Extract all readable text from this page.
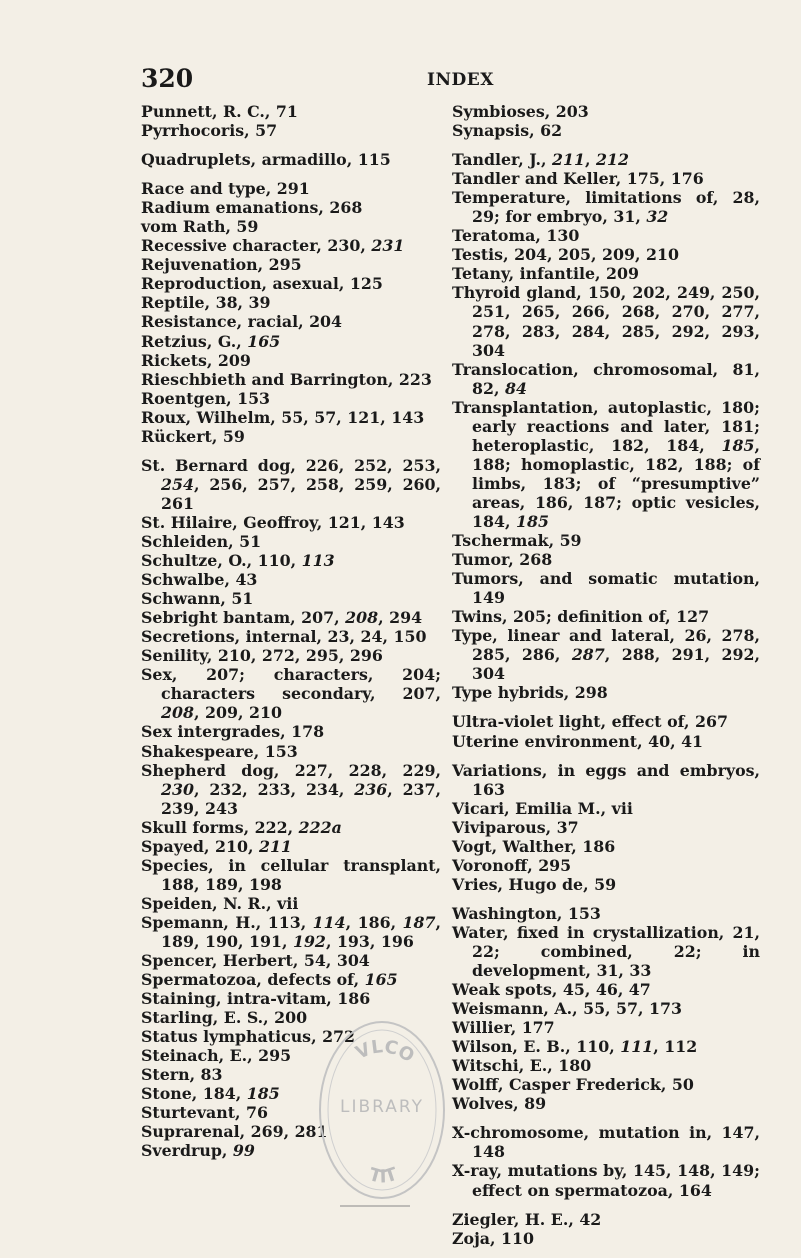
320	INDEX
Punnett, R. C., 71
Pyrrhocoris, 57
Quadruplets, armadillo, 115
Race and type, 291
Radium emanations, 268
vom Rath, 59
Recessive character, 230, 231
Rejuvenation, 295
Reproduction, asexual, 125
Reptile, 38, 39
Resistance, racial, 204
Retzius, G., 165
Rickets, 209
Rieschbieth and Barrington, 223
Roentgen, 153
Roux, Wilhelm, 55, 57, 121, 143
Rückert, 59
St. Bernard dog, 226, 252, 253, 254, 256, 257, 258, 259, 260, 261
St. Hilaire, Geoffroy, 121, 143
Schleiden, 51
Schultze, O., 110, 113
Schwalbe, 43
Schwann, 51
Sebright bantam, 207, 208, 294
Secretions, internal, 23, 24, 150
Senility, 210, 272, 295, 296
Sex, 207; characters, 204; characters secondary, 207, 208, 209, 210
Sex intergrades, 178
Shakespeare, 153
Shepherd dog, 227, 228, 229, 230, 232, 233, 234, 236, 237, 239, 243
Skull forms, 222, 222a
Spayed, 210, 211
Species, in cellular transplant, 188, 189, 198
Speiden, N. R., vii
Spemann, H., 113, 114, 186, 187, 189, 190, 191, 192, 193, 196
Spencer, Herbert, 54, 304
Spermatozoa, defects of, 165
Staining, intra-vitam, 186
Starling, E. S., 200
Status lymphaticus, 272
Steinach, E., 295
Stern, 83
Stone, 184, 185
Sturtevant, 76
Suprarenal, 269, 281
Sverdrup, 99
Symbioses, 203
Synapsis, 62
Tandler, J., 211, 212
Tandler and Keller, 175, 176
Temperature, limitations of, 28, 29; for embryo, 31, 32
Teratoma, 130
Testis, 204, 205, 209, 210
Tetany, infantile, 209
Thyroid gland, 150, 202, 249, 250, 251, 265, 266, 268, 270, 277, 278, 283, 284, 285, 292, 293, 304
Translocation, chromosomal, 81, 82, 84
Transplantation, autoplastic, 180; early reactions and later, 181; heteroplastic, 182, 184, 185, 188; homoplastic, 182, 188; of limbs, 183; of “presumptive” areas, 186, 187; optic vesicles, 184, 185
Tschermak, 59
Tumor, 268
Tumors, and somatic mutation, 149
Twins, 205; definition of, 127
Type, linear and lateral, 26, 278, 285, 286, 287, 288, 291, 292, 304
Type hybrids, 298
Ultra-violet light, effect of, 267
Uterine environment, 40, 41
Variations, in eggs and embryos, 163
Vicari, Emilia M., vii
Viviparous, 37
Vogt, Walther, 186
Voronoff, 295
Vries, Hugo de, 59
Washington, 153
Water, fixed in crystallization, 21, 22; combined, 22; in development, 31, 33
Weak spots, 45, 46, 47
Weismann, A., 55, 57, 173
Willier, 177
Wilson, E. B., 110, 111, 112
Witschi, E., 180
Wolff, Casper Frederick, 50
Wolves, 89
X-chromosome, mutation in, 147, 148
X-ray, mutations by, 145, 148, 149; effect on spermatozoa, 164
Ziegler, H. E., 42
Zoja, 110
VLCO
TIT
LIBRARY
